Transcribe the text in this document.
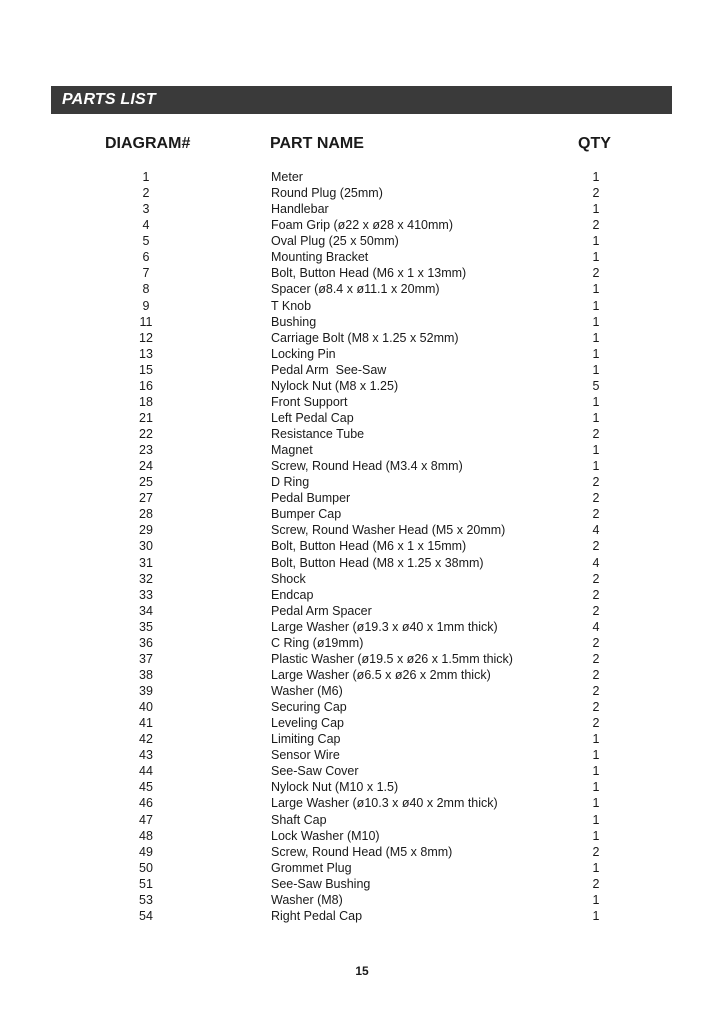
PARTS LIST
DIAGRAM#	PART NAME	QTY
1	Meter	1
2	Round Plug (25mm)	2
3	Handlebar	1
4	Foam Grip (ø22 x ø28 x 410mm)	2
5	Oval Plug (25 x 50mm)	1
6	Mounting Bracket	1
7	Bolt, Button Head (M6 x 1 x 13mm)	2
8	Spacer (ø8.4 x ø11.1 x 20mm)	1
9	T Knob	1
11	Bushing	1
12	Carriage Bolt (M8 x 1.25 x 52mm)	1
13	Locking Pin	1
15	Pedal Arm  See-Saw	1
16	Nylock Nut (M8 x 1.25)	5
18	Front Support	1
21	Left Pedal Cap	1
22	Resistance Tube	2
23	Magnet	1
24	Screw, Round Head (M3.4 x 8mm)	1
25	D Ring	2
27	Pedal Bumper	2
28	Bumper Cap	2
29	Screw, Round Washer Head (M5 x 20mm)	4
30	Bolt, Button Head (M6 x 1 x 15mm)	2
31	Bolt, Button Head (M8 x 1.25 x 38mm)	4
32	Shock	2
33	Endcap	2
34	Pedal Arm Spacer	2
35	Large Washer (ø19.3 x ø40 x 1mm thick)	4
36	C Ring (ø19mm)	2
37	Plastic Washer (ø19.5 x ø26 x 1.5mm thick)	2
38	Large Washer (ø6.5 x ø26 x 2mm thick)	2
39	Washer (M6)	2
40	Securing Cap	2
41	Leveling Cap	2
42	Limiting Cap	1
43	Sensor Wire	1
44	See-Saw Cover	1
45	Nylock Nut (M10 x 1.5)	1
46	Large Washer (ø10.3 x ø40 x 2mm thick)	1
47	Shaft Cap	1
48	Lock Washer (M10)	1
49	Screw, Round Head (M5 x 8mm)	2
50	Grommet Plug	1
51	See-Saw Bushing	2
53	Washer (M8)	1
54	Right Pedal Cap	1
15
